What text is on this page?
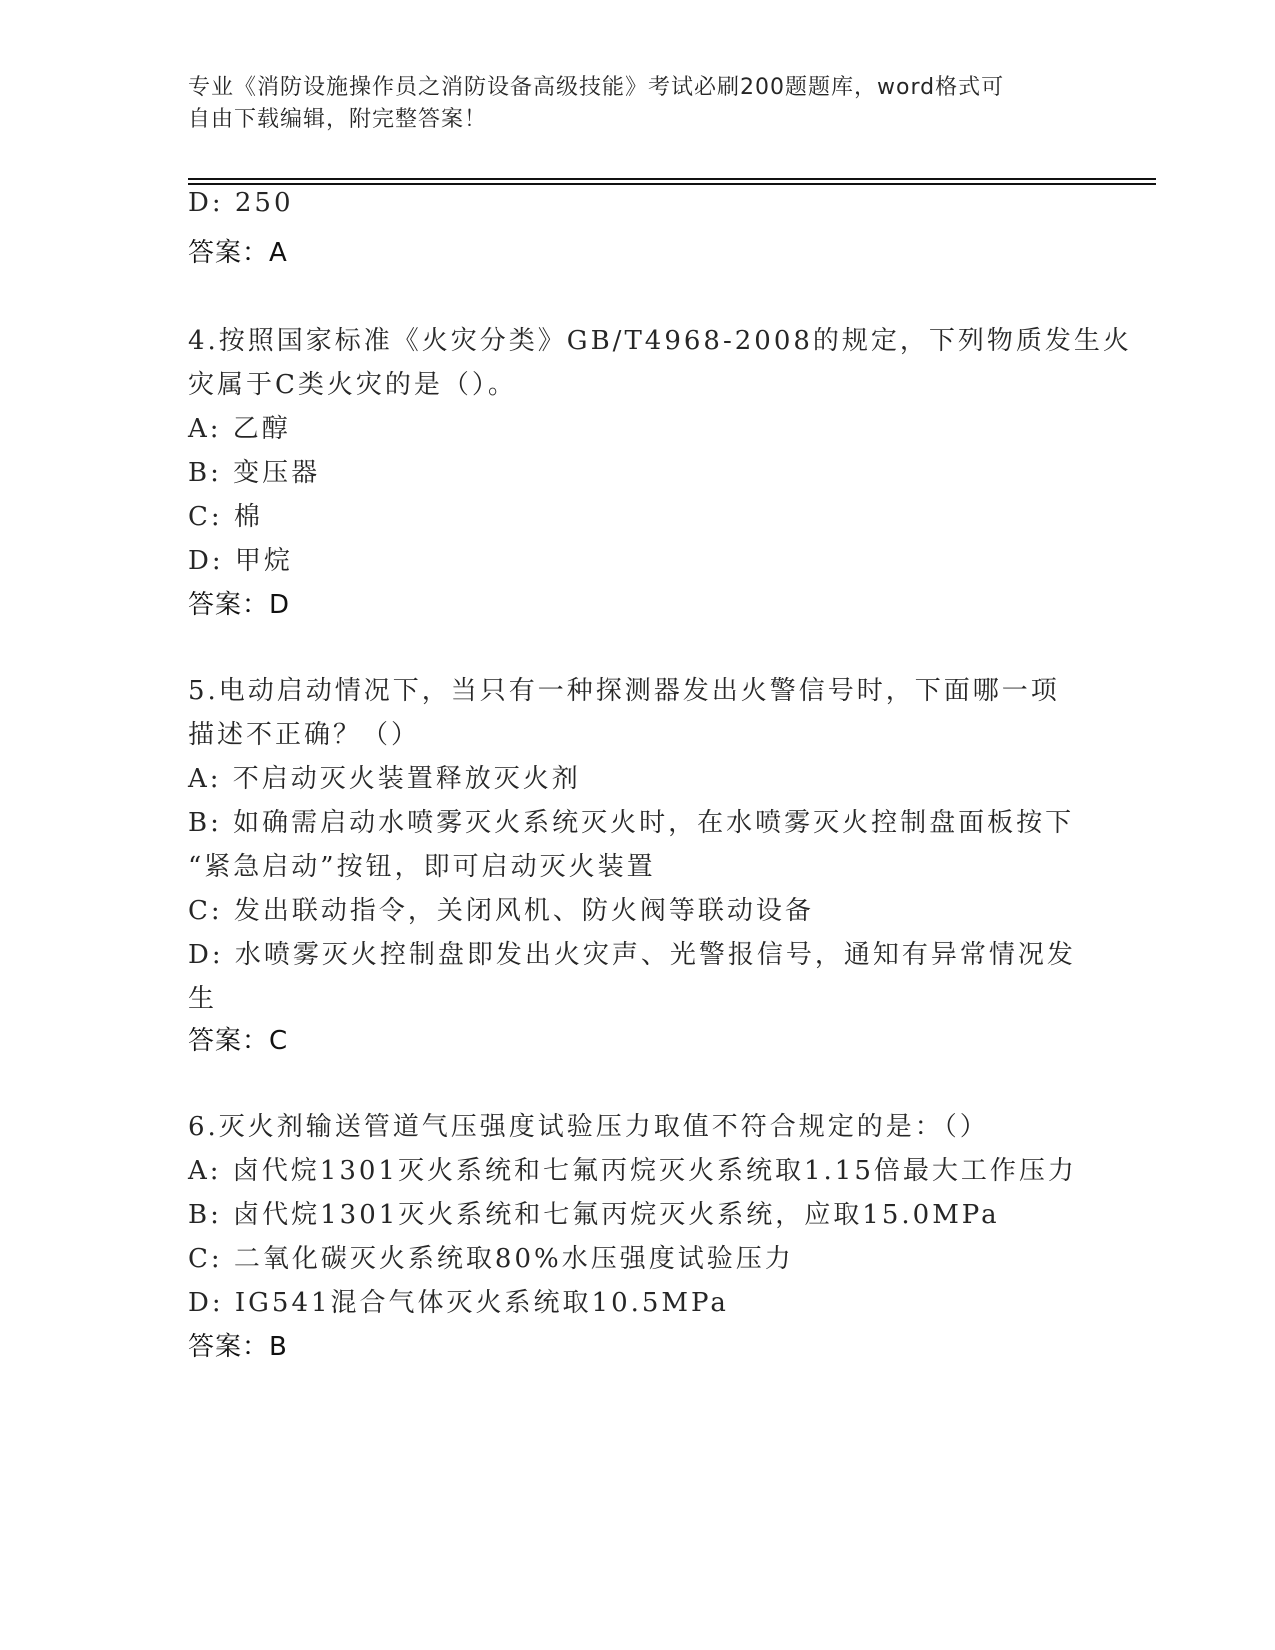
专业《消防设施操作员之消防设备高级技能》考试必刷200题题库，word格式可
自由下载编辑，附完整答案！
D: 250
答案：A
4.按照国家标准《火灾分类》GB/T4968-2008的规定，下列物质发生火
灾属于C类火灾的是（）。
A: 乙醇
B: 变压器
C: 棉
D: 甲烷
答案：D
5.电动启动情况下，当只有一种探测器发出火警信号时，下面哪一项
描述不正确？（）
A: 不启动灭火装置释放灭火剂
B: 如确需启动水喷雾灭火系统灭火时，在水喷雾灭火控制盘面板按下
“紧急启动”按钮，即可启动灭火装置
C: 发出联动指令，关闭风机、防火阀等联动设备
D: 水喷雾灭火控制盘即发出火灾声、光警报信号，通知有异常情况发
生
答案：C
6.灭火剂输送管道气压强度试验压力取值不符合规定的是：（）
A: 卤代烷1301灭火系统和七氟丙烷灭火系统取1.15倍最大工作压力
B: 卤代烷1301灭火系统和七氟丙烷灭火系统，应取15.0MPa
C: 二氧化碳灭火系统取80%水压强度试验压力
D: IG541混合气体灭火系统取10.5MPa
答案：B
